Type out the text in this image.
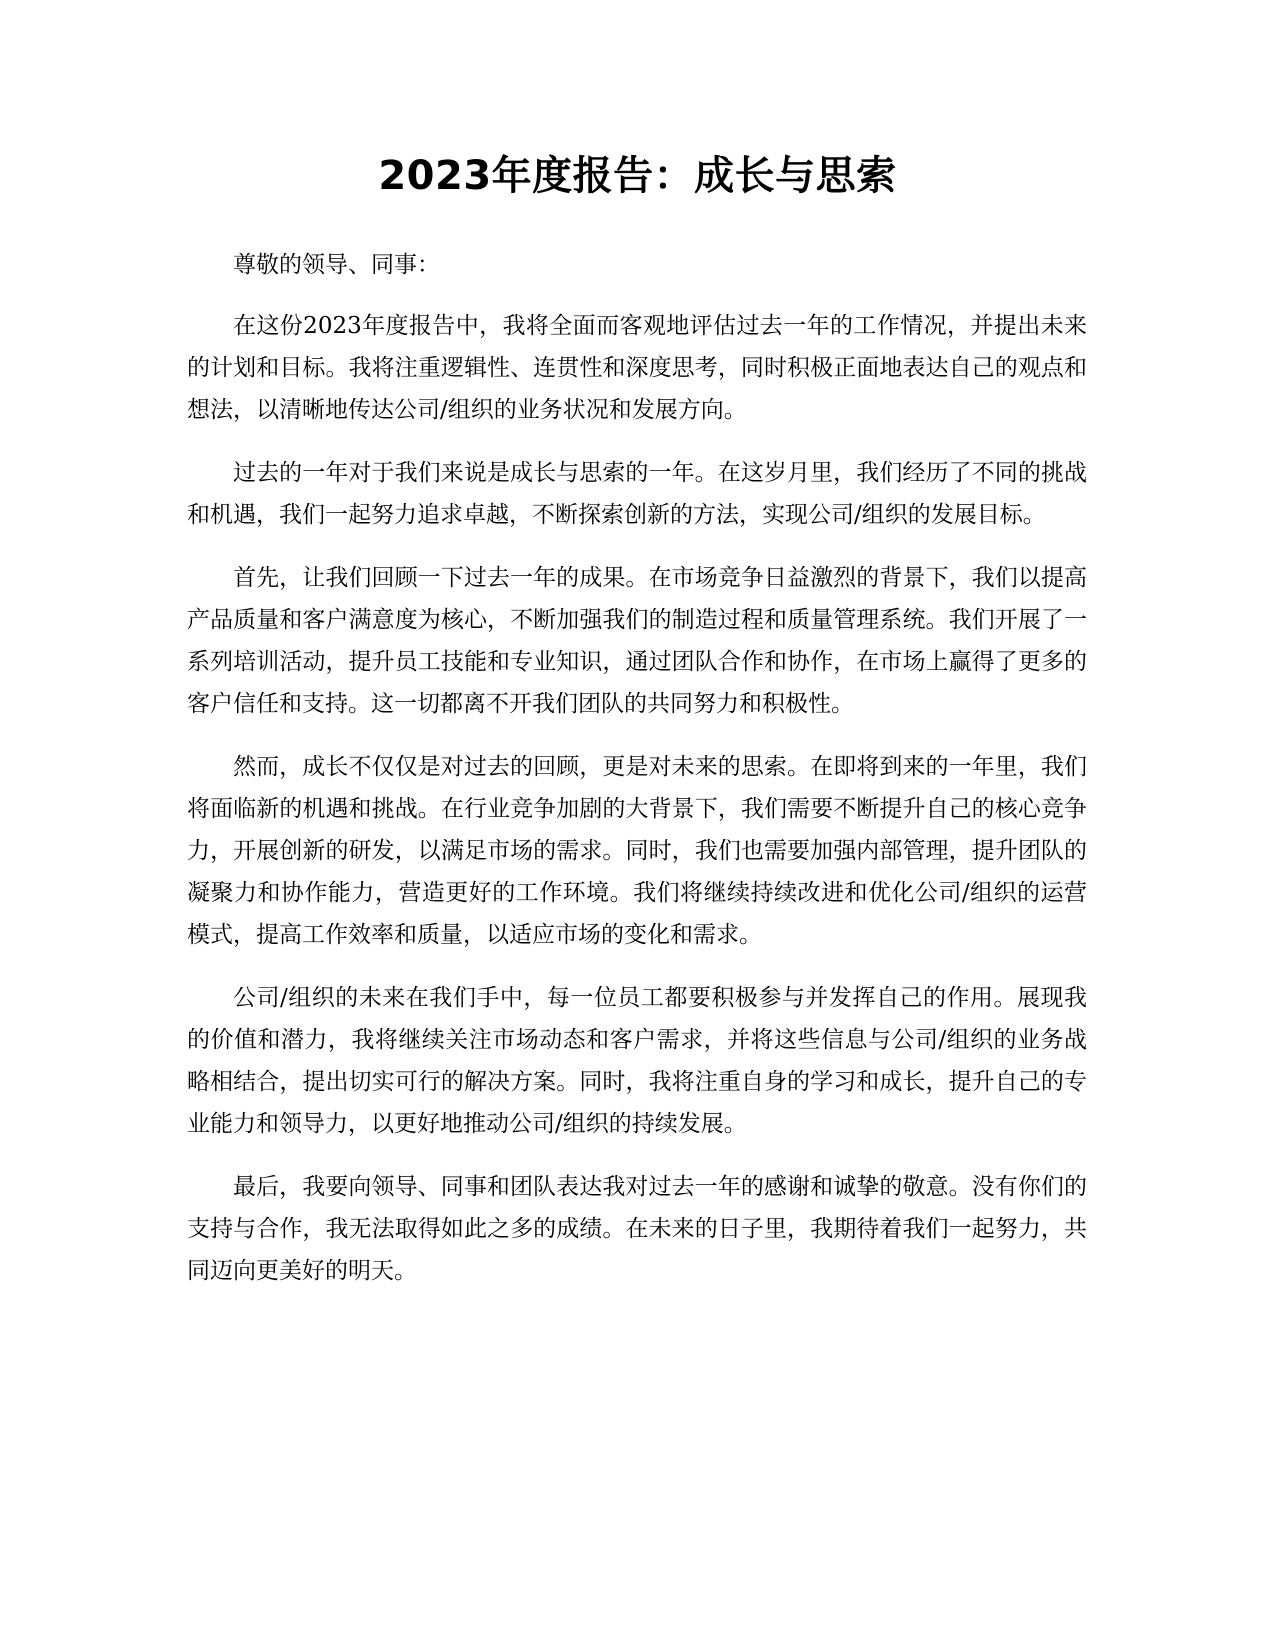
2023年度报告：成长与思索

尊敬的领导、同事：

在这份2023年度报告中，我将全面而客观地评估过去一年的工作情况，并提出未来的计划和目标。我将注重逻辑性、连贯性和深度思考，同时积极正面地表达自己的观点和想法，以清晰地传达公司/组织的业务状况和发展方向。

过去的一年对于我们来说是成长与思索的一年。在这岁月里，我们经历了不同的挑战和机遇，我们一起努力追求卓越，不断探索创新的方法，实现公司/组织的发展目标。

首先，让我们回顾一下过去一年的成果。在市场竞争日益激烈的背景下，我们以提高产品质量和客户满意度为核心，不断加强我们的制造过程和质量管理系统。我们开展了一系列培训活动，提升员工技能和专业知识，通过团队合作和协作，在市场上赢得了更多的客户信任和支持。这一切都离不开我们团队的共同努力和积极性。

然而，成长不仅仅是对过去的回顾，更是对未来的思索。在即将到来的一年里，我们将面临新的机遇和挑战。在行业竞争加剧的大背景下，我们需要不断提升自己的核心竞争力，开展创新的研发，以满足市场的需求。同时，我们也需要加强内部管理，提升团队的凝聚力和协作能力，营造更好的工作环境。我们将继续持续改进和优化公司/组织的运营模式，提高工作效率和质量，以适应市场的变化和需求。

公司/组织的未来在我们手中，每一位员工都要积极参与并发挥自己的作用。展现我的价值和潜力，我将继续关注市场动态和客户需求，并将这些信息与公司/组织的业务战略相结合，提出切实可行的解决方案。同时，我将注重自身的学习和成长，提升自己的专业能力和领导力，以更好地推动公司/组织的持续发展。

最后，我要向领导、同事和团队表达我对过去一年的感谢和诚挚的敬意。没有你们的支持与合作，我无法取得如此之多的成绩。在未来的日子里，我期待着我们一起努力，共同迈向更美好的明天。
